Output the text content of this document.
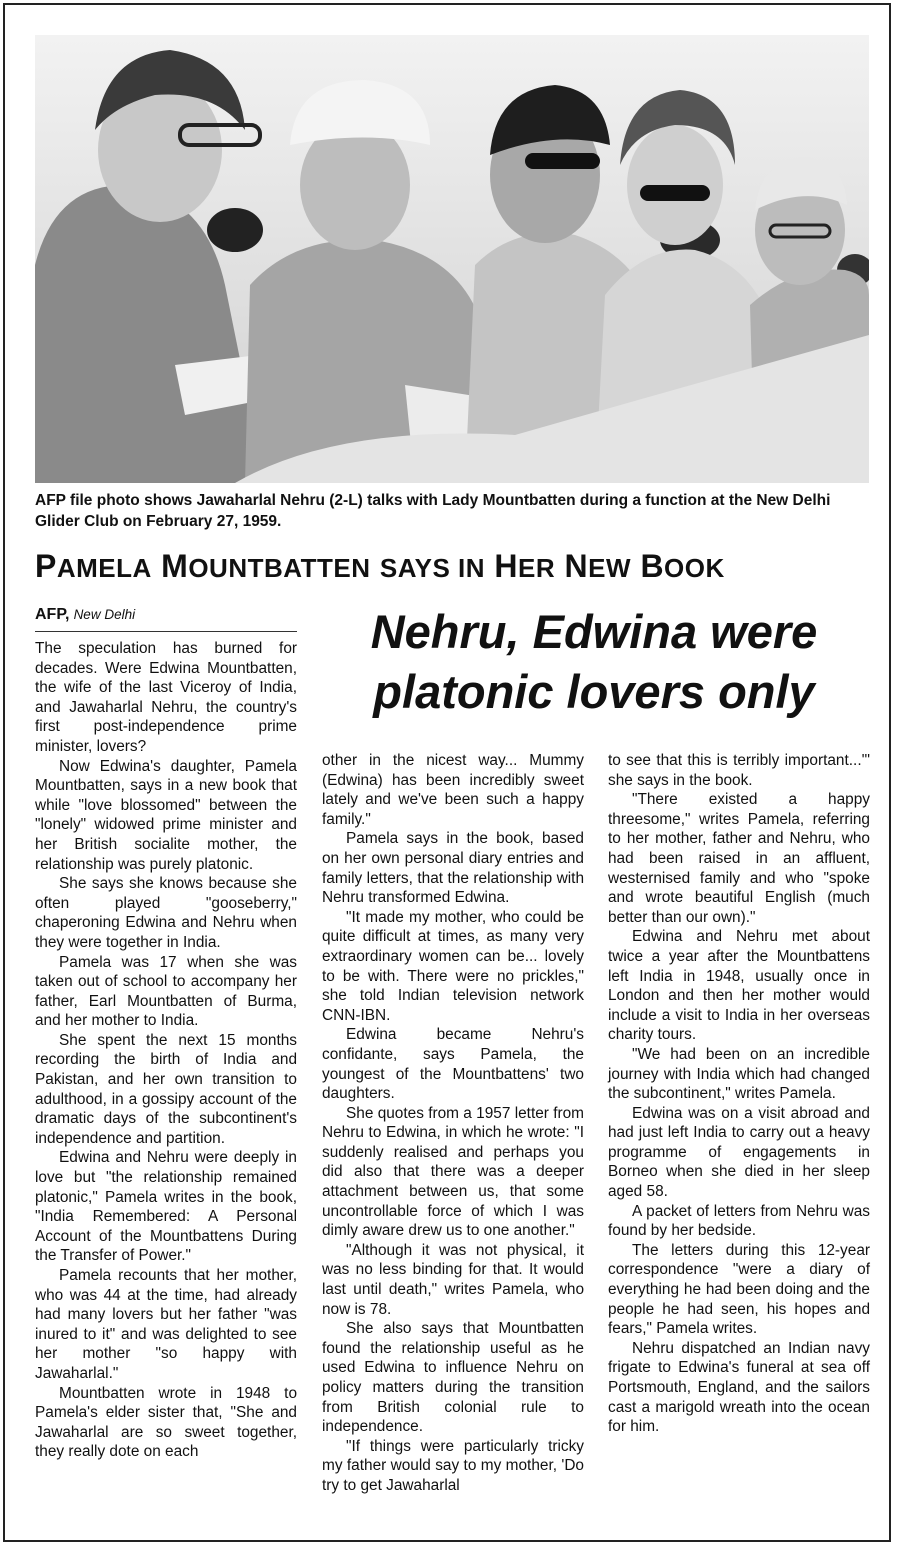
AFP file photo shows Jawaharlal Nehru (2-L) talks with Lady Mountbatten during a function at the New Delhi Glider Club on February 27, 1959.
PAMELA MOUNTBATTEN SAYS IN HER NEW BOOK
AFP, New Delhi	Nehru, Edwina were
platonic lovers only

The speculation has burned for decades. Were Edwina Mountbatten, the wife of the last Viceroy of India, and Jawaharlal Nehru, the country's first post-independence prime minister, lovers?

Now Edwina's daughter, Pamela Mountbatten, says in a new book that while "love blossomed" between the "lonely" widowed prime minister and her British socialite mother, the relationship was purely platonic.

She says she knows because she often played "gooseberry," chaperoning Edwina and Nehru when they were together in India.

Pamela was 17 when she was taken out of school to accompany her father, Earl Mountbatten of Burma, and her mother to India.

She spent the next 15 months recording the birth of India and Pakistan, and her own transition to adulthood, in a gossipy account of the dramatic days of the subcontinent's independence and partition.

Edwina and Nehru were deeply in love but "the relationship remained platonic," Pamela writes in the book, "India Remembered: A Personal Account of the Mountbattens During the Transfer of Power."

Pamela recounts that her mother, who was 44 at the time, had already had many lovers but her father "was inured to it" and was delighted to see her mother "so happy with Jawaharlal."

Mountbatten wrote in 1948 to Pamela's elder sister that, "She and Jawaharlal are so sweet together, they really dote on each

other in the nicest way... Mummy (Edwina) has been incredibly sweet lately and we've been such a happy family."

Pamela says in the book, based on her own personal diary entries and family letters, that the relationship with Nehru transformed Edwina.

"It made my mother, who could be quite difficult at times, as many very extraordinary women can be... lovely to be with. There were no prickles," she told Indian television network CNN-IBN.

Edwina became Nehru's confidante, says Pamela, the youngest of the Mountbattens' two daughters.

She quotes from a 1957 letter from Nehru to Edwina, in which he wrote: "I suddenly realised and perhaps you did also that there was a deeper attachment between us, that some uncontrollable force of which I was dimly aware drew us to one another."

"Although it was not physical, it was no less binding for that. It would last until death," writes Pamela, who now is 78.

She also says that Mountbatten found the relationship useful as he used Edwina to influence Nehru on policy matters during the transition from British colonial rule to independence.

"If things were particularly tricky my father would say to my mother, 'Do try to get Jawaharlal

to see that this is terribly important...'" she says in the book.

"There existed a happy threesome," writes Pamela, referring to her mother, father and Nehru, who had been raised in an affluent, westernised family and who "spoke and wrote beautiful English (much better than our own)."

Edwina and Nehru met about twice a year after the Mountbattens left India in 1948, usually once in London and then her mother would include a visit to India in her overseas charity tours.

"We had been on an incredible journey with India which had changed the subcontinent," writes Pamela.

Edwina was on a visit abroad and had just left India to carry out a heavy programme of engagements in Borneo when she died in her sleep aged 58.

A packet of letters from Nehru was found by her bedside.

The letters during this 12-year correspondence "were a diary of everything he had been doing and the people he had seen, his hopes and fears," Pamela writes.

Nehru dispatched an Indian navy frigate to Edwina's funeral at sea off Portsmouth, England, and the sailors cast a marigold wreath into the ocean for him.
